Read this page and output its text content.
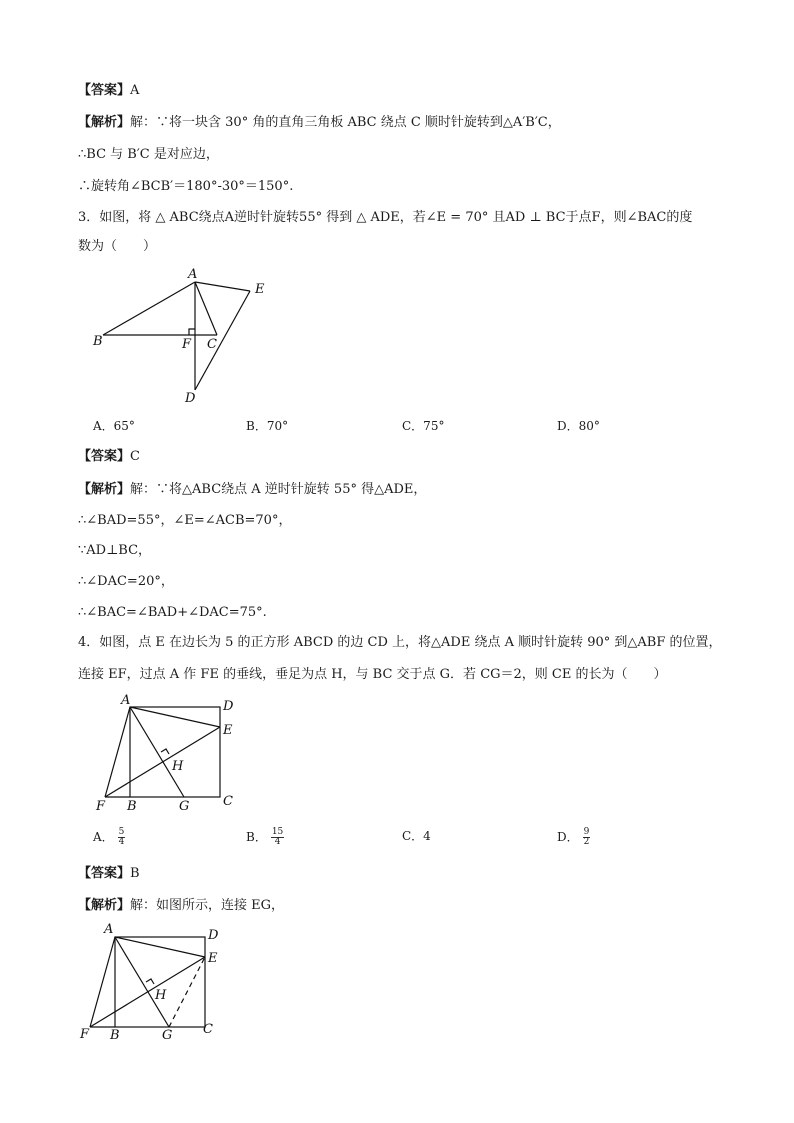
【答案】A
【解析】解：∵将一块含 30° 角的直角三角板 ABC 绕点 C 顺时针旋转到△A′B′C，
∴BC 与 B′C 是对应边，
∴旋转角∠BCB′＝180°-30°＝150°.
3．如图，将 △ ABC绕点A逆时针旋转55° 得到 △ ADE，若∠E = 70° 且AD ⊥ BC于点F，则∠BAC的度
数为（　　）
A
B	F C
E
D
A．65°	B．70°	C．75°	D．80°
【答案】C
【解析】解：∵将△ABC绕点 A 逆时针旋转 55° 得△ADE，
∴∠BAD=55°，∠E=∠ACB=70°，
∵AD⊥BC，
∴∠DAC=20°，
∴∠BAC=∠BAD+∠DAC=75°.
4．如图，点 E 在边长为 5 的正方形 ABCD 的边 CD 上，将△ADE 绕点 A 顺时针旋转 90° 到△ABF 的位置，
连接 EF，过点 A 作 FE 的垂线，垂足为点 H，与 BC 交于点 G．若 CG＝2，则 CE 的长为（　　）
A	D
E
H
F B	G	C
A． $\frac{5}{4}$	B． $\frac{15}{4}$	C．4	D． $\frac{9}{2}$
【答案】B
【解析】解：如图所示，连接 EG，
A	D
E
H
F B	G C
